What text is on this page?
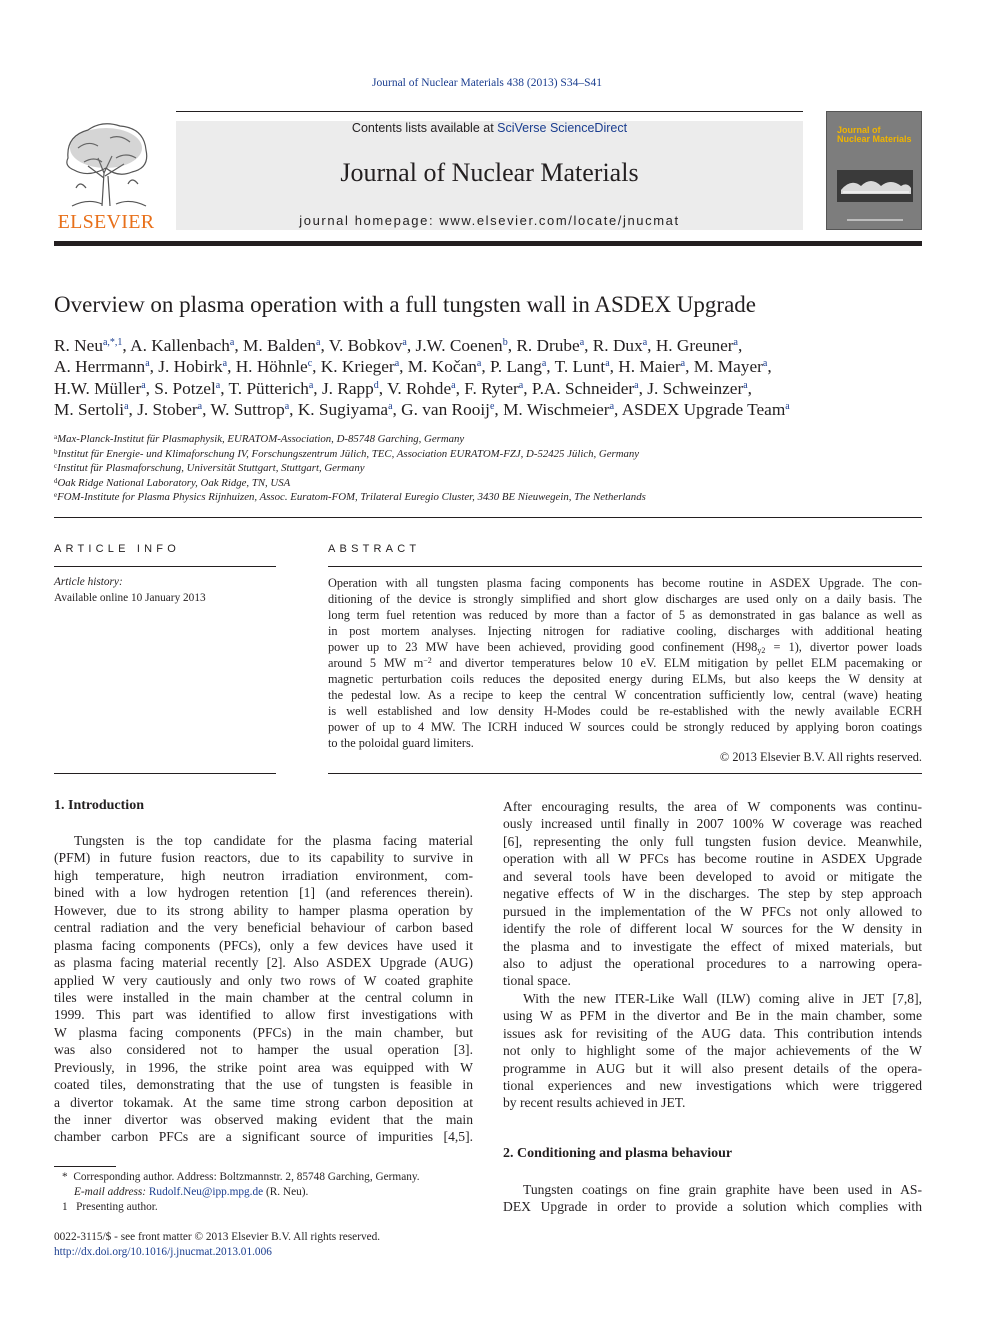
Journal of Nuclear Materials 438 (2013) S34–S41
ELSEVIER
Contents lists available at SciVerse ScienceDirect
Journal of Nuclear Materials
journal homepage: www.elsevier.com/locate/jnucmat
Journal of
Nuclear Materials
Overview on plasma operation with a full tungsten wall in ASDEX Upgrade
R. Neu$^{a,*,1}$, A. Kallenbach$^a$, M. Balden$^a$, V. Bobkov$^a$, J.W. Coenen$^b$, R. Drube$^a$, R. Dux$^a$, H. Greuner$^a$,
A. Herrmann$^a$, J. Hobirk$^a$, H. Höhnle$^c$, K. Krieger$^a$, M. Kočan$^a$, P. Lang$^a$, T. Lunt$^a$, H. Maier$^a$, M. Mayer$^a$,
H.W. Müller$^a$, S. Potzel$^a$, T. Pütterich$^a$, J. Rapp$^d$, V. Rohde$^a$, F. Ryter$^a$, P.A. Schneider$^a$, J. Schweinzer$^a$,
M. Sertoli$^a$, J. Stober$^a$, W. Suttrop$^a$, K. Sugiyama$^a$, G. van Rooij$^e$, M. Wischmeier$^a$, ASDEX Upgrade Team$^a$
$^a$Max-Planck-Institut für Plasmaphysik, EURATOM-Association, D-85748 Garching, Germany
$^b$Institut für Energie- und Klimaforschung IV, Forschungszentrum Jülich, TEC, Association EURATOM-FZJ, D-52425 Jülich, Germany
$^c$Institut für Plasmaforschung, Universität Stuttgart, Stuttgart, Germany
$^d$Oak Ridge National Laboratory, Oak Ridge, TN, USA
$^e$FOM-Institute for Plasma Physics Rijnhuizen, Assoc. Euratom-FOM, Trilateral Euregio Cluster, 3430 BE Nieuwegein, The Netherlands
ARTICLE INFO
Article history:
Available online 10 January 2013
ABSTRACT
Operation with all tungsten plasma facing components has become routine in ASDEX Upgrade. The con-
ditioning of the device is strongly simplified and short glow discharges are used only on a daily basis. The
long term fuel retention was reduced by more than a factor of 5 as demonstrated in gas balance as well as
in post mortem analyses. Injecting nitrogen for radiative cooling, discharges with additional heating
power up to 23 MW have been achieved, providing good confinement $(H98_{y2} = 1)$, divertor power loads
around 5 MW $m^{-2}$ and divertor temperatures below 10 eV. ELM mitigation by pellet ELM pacemaking or
magnetic perturbation coils reduces the deposited energy during ELMs, but also keeps the W density at
the pedestal low. As a recipe to keep the central W concentration sufficiently low, central (wave) heating
is well established and low density H-Modes could be re-established with the newly available ECRH
power of up to 4 MW. The ICRH induced W sources could be strongly reduced by applying boron coatings
to the poloidal guard limiters.
© 2013 Elsevier B.V. All rights reserved.
1. Introduction
Tungsten is the top candidate for the plasma facing material
(PFM) in future fusion reactors, due to its capability to survive in
high temperature, high neutron irradiation environment, com-
bined with a low hydrogen retention [1] (and references therein).
However, due to its strong ability to hamper plasma operation by
central radiation and the very beneficial behaviour of carbon based
plasma facing components (PFCs), only a few devices have used it
as plasma facing material recently [2]. Also ASDEX Upgrade (AUG)
applied W very cautiously and only two rows of W coated graphite
tiles were installed in the main chamber at the central column in
1999. This part was identified to allow first investigations with
W plasma facing components (PFCs) in the main chamber, but
was also considered not to hamper the usual operation [3].
Previously, in 1996, the strike point area was equipped with W
coated tiles, demonstrating that the use of tungsten is feasible in
a divertor tokamak. At the same time strong carbon deposition at
the inner divertor was observed making evident that the main
chamber carbon PFCs are a significant source of impurities [4,5].
After encouraging results, the area of W components was continu-
ously increased until finally in 2007 100% W coverage was reached
[6], representing the only full tungsten fusion device. Meanwhile,
operation with all W PFCs has become routine in ASDEX Upgrade
and several tools have been developed to avoid or mitigate the
negative effects of W in the discharges. The step by step approach
pursued in the implementation of the W PFCs not only allowed to
identify the role of different local W sources for the W density in
the plasma and to investigate the effect of mixed materials, but
also to adjust the operational procedures to a narrowing opera-
tional space.
With the new ITER-Like Wall (ILW) coming alive in JET [7,8],
using W as PFM in the divertor and Be in the main chamber, some
issues ask for revisiting of the AUG data. This contribution intends
not only to highlight some of the major achievements of the W
programme in AUG but it will also present details of the opera-
tional experiences and new investigations which were triggered
by recent results achieved in JET.
2. Conditioning and plasma behaviour
Tungsten coatings on fine grain graphite have been used in AS-
DEX Upgrade in order to provide a solution which complies with
* Corresponding author. Address: Boltzmannstr. 2, 85748 Garching, Germany.
E-mail address: Rudolf.Neu@ipp.mpg.de (R. Neu).
1 Presenting author.
0022-3115/$ - see front matter © 2013 Elsevier B.V. All rights reserved.
http://dx.doi.org/10.1016/j.jnucmat.2013.01.006
